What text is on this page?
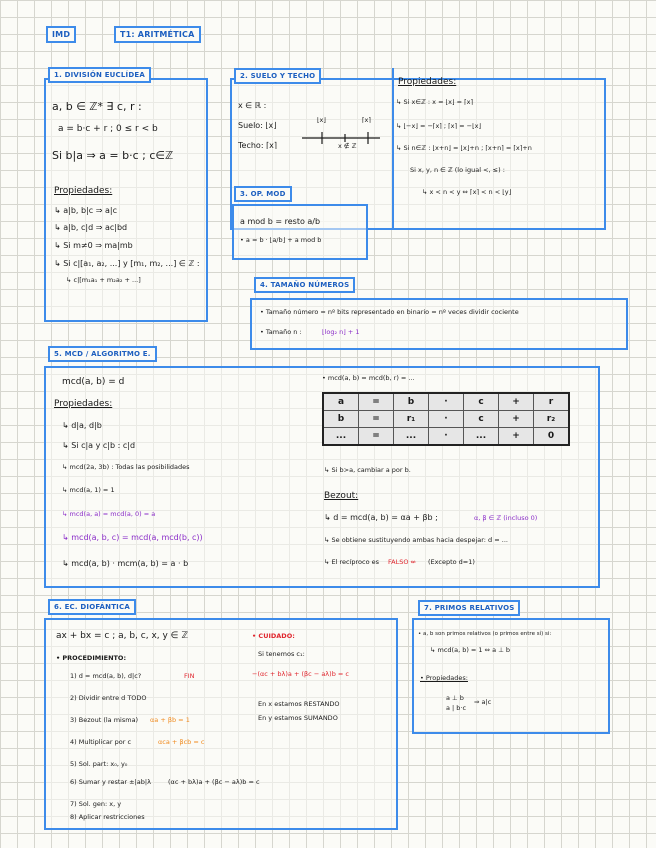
IMD	T1: ARITMÉTICA
1. DIVISIÓN EUCLÍDEA
a, b ∈ ℤ* ∃ c, r :
a = b·c + r ; 0 ≤ r < b
Si b|a ⇒ a = b·c ; c∈ℤ
Propiedades:
↳ a|b, b|c ⇒ a|c
↳ a|b, c|d ⇒ ac|bd
↳ Si m≠0 ⇒ ma|mb
↳ Si c|[a₁, a₂, ...] y [m₁, m₂, ...] ∈ ℤ :
↳ c|[m₁a₁ + m₂a₂ + ...]
2. SUELO Y TECHO
x ∈ ℝ :
Suelo: ⌊x⌋
Techo: ⌈x⌉
⌊x⌋	⌈x⌉
x ∉ ℤ
Propiedades:
↳ Si x∈ℤ : x = ⌊x⌋ = ⌈x⌉
↳ ⌊−x⌋ = −⌈x⌉ ; ⌈x⌉ = −⌊x⌋
↳ Si n∈ℤ : ⌊x+n⌋ = ⌊x⌋+n ; ⌈x+n⌉ = ⌈x⌉+n
Si x, y, n ∈ ℤ (lo igual <, ≤) :
↳ x < n < y ⇔ ⌈x⌉ < n < ⌊y⌋
3. OP. MOD
a mod b = resto a/b
• a = b · ⌊a/b⌋ + a mod b
4. TAMAÑO NÚMEROS
• Tamaño número = nº bits representado en binario = nº veces dividir cociente
• Tamaño n :	⌊log₂ n⌋ + 1
5. MCD / ALGORITMO E.
mcd(a, b) = d
Propiedades:
↳ d|a, d|b
↳ Si c|a y c|b : c|d
↳ mcd(2a, 3b) : Todas las posibilidades
↳ mcd(a, 1) = 1
↳ mcd(a, a) = mcd(a, 0) = a
↳ mcd(a, b, c) = mcd(a, mcd(b, c))
↳ mcd(a, b) · mcm(a, b) = a · b
• mcd(a, b) = mcd(b, r) = ...
a	=	b	·	c	+	r
b	=	r₁	·	c	+	r₂
...	=	...	·	...	+	0
↳ Si b>a, cambiar a por b.
Bezout:
↳ d = mcd(a, b) = αa + βb ;	α, β ∈ ℤ (incluso 0)
↳ Se obtiene sustituyendo ambas hacia despejar: d = ...
↳ El recíproco es FALSO ⇍ (Excepto d=1)
6. EC. DIOFÁNTICA
ax + bx = c ; a, b, c, x, y ∈ ℤ
• PROCEDIMIENTO:
1) d = mcd(a, b), d|c?	FIN
2) Dividir entre d TODO
3) Bezout (la misma) αa + βb = 1
4) Multiplicar por c	αca + βcb = c
5) Sol. part: x₀, y₀
6) Sumar y restar ±|ab|λ	(αc + bλ)a + (βc − aλ)b = c
7) Sol. gen: x, y
8) Aplicar restricciones
• CUIDADO:
Si tenemos c₁:
−(αc + bλ)a + (βc − aλ)b = c
En x estamos RESTANDO
En y estamos SUMANDO
7. PRIMOS RELATIVOS
• a, b son primos relativos (o primos entre sí) si:
↳ mcd(a, b) = 1 ⇔ a ⊥ b
• Propiedades:
a ⊥ b
a | b·c
⇒ a|c
